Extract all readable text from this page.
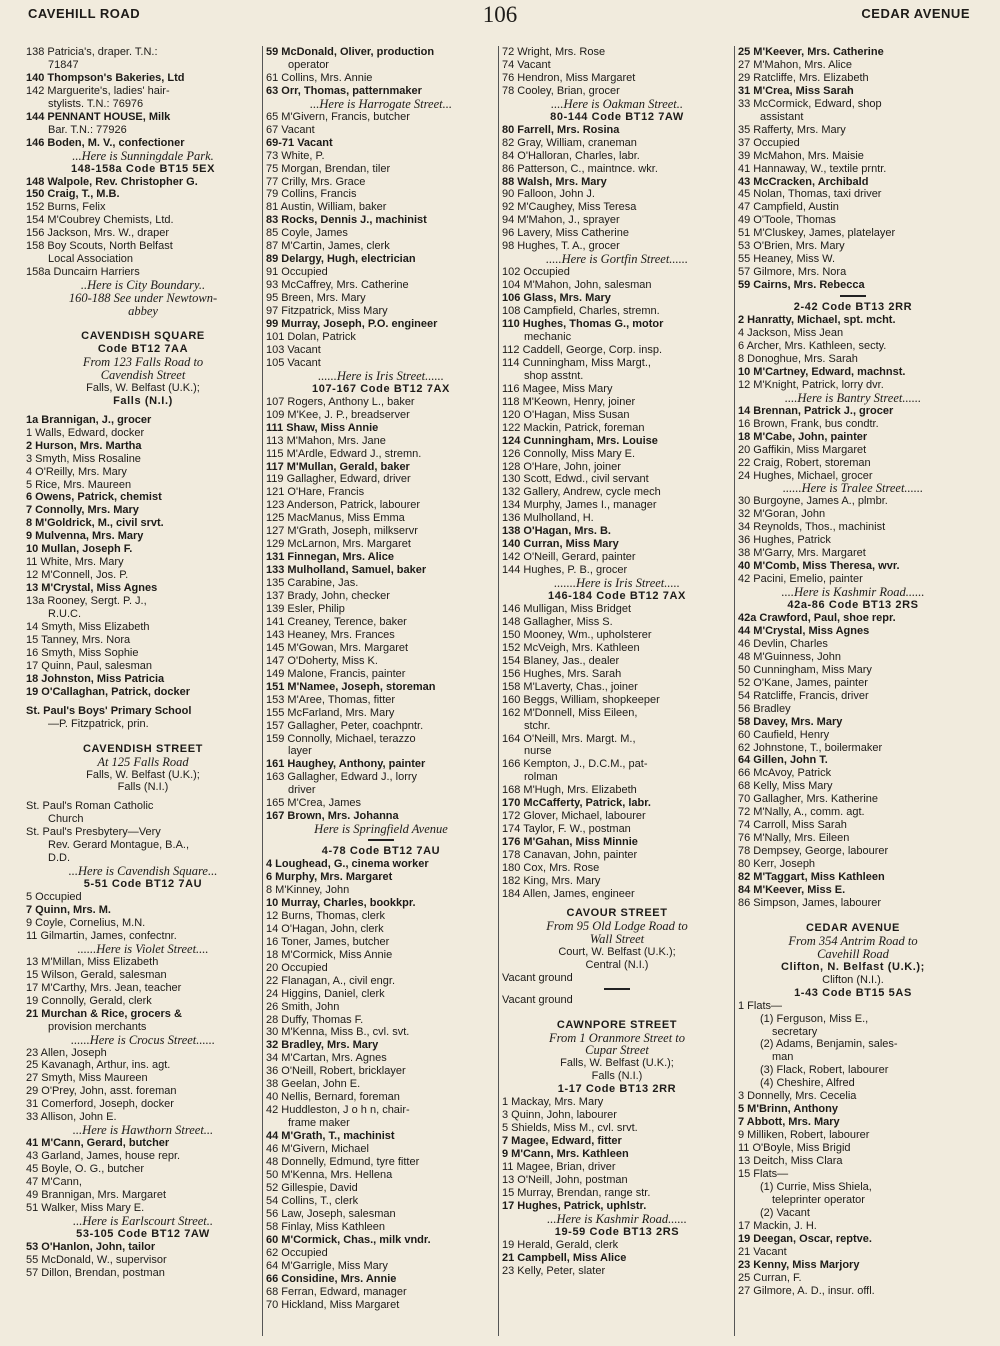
CAVEHILL ROAD	106	CEDAR AVENUE
138 Patricia's, draper. T.N.:
71847
140 Thompson's Bakeries, Ltd
142 Marguerite's, ladies' hair-
stylists. T.N.: 76976
144 PENNANT HOUSE, Milk
Bar. T.N.: 77926
146 Boden, M. V., confectioner
...Here is Sunningdale Park.
148-158a Code BT15 5EX
148 Walpole, Rev. Christopher G.
150 Craig, T., M.B.
152 Burns, Felix
154 M'Coubrey Chemists, Ltd.
156 Jackson, Mrs. W., draper
158 Boy Scouts, North Belfast
Local Association
158a Duncairn Harriers
..Here is City Boundary..
160-188 See under Newtown-
abbey
CAVENDISH SQUARE
Code BT12 7AA
From 123 Falls Road to
Cavendish Street
Falls, W. Belfast (U.K.);
Falls (N.I.)
1a Brannigan, J., grocer
1 Walls, Edward, docker
2 Hurson, Mrs. Martha
3 Smyth, Miss Rosaline
4 O'Reilly, Mrs. Mary
5 Rice, Mrs. Maureen
6 Owens, Patrick, chemist
7 Connolly, Mrs. Mary
8 M'Goldrick, M., civil srvt.
9 Mulvenna, Mrs. Mary
10 Mullan, Joseph F.
11 White, Mrs. Mary
12 M'Connell, Jos. P.
13 M'Crystal, Miss Agnes
13a Rooney, Sergt. P. J.,
R.U.C.
14 Smyth, Miss Elizabeth
15 Tanney, Mrs. Nora
16 Smyth, Miss Sophie
17 Quinn, Paul, salesman
18 Johnston, Miss Patricia
19 O'Callaghan, Patrick, docker
St. Paul's Boys' Primary School
—P. Fitzpatrick, prin.
CAVENDISH STREET
At 125 Falls Road
Falls, W. Belfast (U.K.);
Falls (N.I.)
St. Paul's Roman Catholic
Church
St. Paul's Presbytery—Very
Rev. Gerard Montague, B.A.,
D.D.
...Here is Cavendish Square...
5-51 Code BT12 7AU
5 Occupied
7 Quinn, Mrs. M.
9 Coyle, Cornelius, M.N.
11 Gilmartin, James, confectnr.
......Here is Violet Street....
13 M'Millan, Miss Elizabeth
15 Wilson, Gerald, salesman
17 M'Carthy, Mrs. Jean, teacher
19 Connolly, Gerald, clerk
21 Murchan & Rice, grocers &
provision merchants
......Here is Crocus Street......
23 Allen, Joseph
25 Kavanagh, Arthur, ins. agt.
27 Smyth, Miss Maureen
29 O'Prey, John, asst. foreman
31 Comerford, Joseph, docker
33 Allison, John E.
...Here is Hawthorn Street...
41 M'Cann, Gerard, butcher
43 Garland, James, house repr.
45 Boyle, O. G., butcher
47 M'Cann,
49 Brannigan, Mrs. Margaret
51 Walker, Miss Mary E.
...Here is Earlscourt Street..
53-105 Code BT12 7AW
53 O'Hanlon, John, tailor
55 McDonald, W., supervisor
57 Dillon, Brendan, postman
59 McDonald, Oliver, production
operator
61 Collins, Mrs. Annie
63 Orr, Thomas, patternmaker
...Here is Harrogate Street...
65 M'Givern, Francis, butcher
67 Vacant
69-71 Vacant
73 White, P.
75 Morgan, Brendan, tiler
77 Crilly, Mrs. Grace
79 Collins, Francis
81 Austin, William, baker
83 Rocks, Dennis J., machinist
85 Coyle, James
87 M'Cartin, James, clerk
89 Delargy, Hugh, electrician
91 Occupied
93 McCaffrey, Mrs. Catherine
95 Breen, Mrs. Mary
97 Fitzpatrick, Miss Mary
99 Murray, Joseph, P.O. engineer
101 Dolan, Patrick
103 Vacant
105 Vacant
......Here is Iris Street......
107-167 Code BT12 7AX
107 Rogers, Anthony L., baker
109 M'Kee, J. P., breadserver
111 Shaw, Miss Annie
113 M'Mahon, Mrs. Jane
115 M'Ardle, Edward J., stremn.
117 M'Mullan, Gerald, baker
119 Gallagher, Edward, driver
121 O'Hare, Francis
123 Anderson, Patrick, labourer
125 MacManus, Miss Emma
127 M'Grath, Joseph, milkservr
129 McLarnon, Mrs. Margaret
131 Finnegan, Mrs. Alice
133 Mulholland, Samuel, baker
135 Carabine, Jas.
137 Brady, John, checker
139 Esler, Philip
141 Creaney, Terence, baker
143 Heaney, Mrs. Frances
145 M'Gowan, Mrs. Margaret
147 O'Doherty, Miss K.
149 Malone, Francis, painter
151 M'Namee, Joseph, storeman
153 M'Aree, Thomas, fitter
155 McFarland, Mrs. Mary
157 Gallagher, Peter, coachpntr.
159 Connolly, Michael, terazzo
layer
161 Haughey, Anthony, painter
163 Gallagher, Edward J., lorry
driver
165 M'Crea, James
167 Brown, Mrs. Johanna
Here is Springfield Avenue
4-78 Code BT12 7AU
4 Loughead, G., cinema worker
6 Murphy, Mrs. Margaret
8 M'Kinney, John
10 Murray, Charles, bookkpr.
12 Burns, Thomas, clerk
14 O'Hagan, John, clerk
16 Toner, James, butcher
18 M'Cormick, Miss Annie
20 Occupied
22 Flanagan, A., civil engr.
24 Higgins, Daniel, clerk
26 Smith, John
28 Duffy, Thomas F.
30 M'Kenna, Miss B., cvl. svt.
32 Bradley, Mrs. Mary
34 M'Cartan, Mrs. Agnes
36 O'Neill, Robert, bricklayer
38 Geelan, John E.
40 Nellis, Bernard, foreman
42 Huddleston, J o h n, chair-
frame maker
44 M'Grath, T., machinist
46 M'Givern, Michael
48 Donnelly, Edmund, tyre fitter
50 M'Kenna, Mrs. Hellena
52 Gillespie, David
54 Collins, T., clerk
56 Law, Joseph, salesman
58 Finlay, Miss Kathleen
60 M'Cormick, Chas., milk vndr.
62 Occupied
64 M'Garrigle, Miss Mary
66 Considine, Mrs. Annie
68 Ferran, Edward, manager
70 Hickland, Miss Margaret
72 Wright, Mrs. Rose
74 Vacant
76 Hendron, Miss Margaret
78 Cooley, Brian, grocer
....Here is Oakman Street..
80-144 Code BT12 7AW
80 Farrell, Mrs. Rosina
82 Gray, William, craneman
84 O'Halloran, Charles, labr.
86 Patterson, C., maintnce. wkr.
88 Walsh, Mrs. Mary
90 Falloon, John J.
92 M'Caughey, Miss Teresa
94 M'Mahon, J., sprayer
96 Lavery, Miss Catherine
98 Hughes, T. A., grocer
.....Here is Gortfin Street......
102 Occupied
104 M'Mahon, John, salesman
106 Glass, Mrs. Mary
108 Campfield, Charles, stremn.
110 Hughes, Thomas G., motor
mechanic
112 Caddell, George, Corp. insp.
114 Cunningham, Miss Margt.,
shop asstnt.
116 Magee, Miss Mary
118 M'Keown, Henry, joiner
120 O'Hagan, Miss Susan
122 Mackin, Patrick, foreman
124 Cunningham, Mrs. Louise
126 Connolly, Miss Mary E.
128 O'Hare, John, joiner
130 Scott, Edwd., civil servant
132 Gallery, Andrew, cycle mech
134 Murphy, James I., manager
136 Mulholland, H.
138 O'Hagan, Mrs. B.
140 Curran, Miss Mary
142 O'Neill, Gerard, painter
144 Hughes, P. B., grocer
.......Here is Iris Street.....
146-184 Code BT12 7AX
146 Mulligan, Miss Bridget
148 Gallagher, Miss S.
150 Mooney, Wm., upholsterer
152 McVeigh, Mrs. Kathleen
154 Blaney, Jas., dealer
156 Hughes, Mrs. Sarah
158 M'Laverty, Chas., joiner
160 Beggs, William, shopkeeper
162 M'Donnell, Miss Eileen,
stchr.
164 O'Neill, Mrs. Margt. M.,
nurse
166 Kempton, J., D.C.M., pat-
rolman
168 M'Hugh, Mrs. Elizabeth
170 McCafferty, Patrick, labr.
172 Glover, Michael, labourer
174 Taylor, F. W., postman
176 M'Gahan, Miss Minnie
178 Canavan, John, painter
180 Cox, Mrs. Rose
182 King, Mrs. Mary
184 Allen, James, engineer
CAVOUR STREET
From 95 Old Lodge Road to
Wall Street
Court, W. Belfast (U.K.);
Central (N.I.)
Vacant ground
Vacant ground
CAWNPORE STREET
From 1 Oranmore Street to
Cupar Street
Falls, W. Belfast (U.K.);
Falls (N.I.)
1-17 Code BT13 2RR
1 Mackay, Mrs. Mary
3 Quinn, John, labourer
5 Shields, Miss M., cvl. srvt.
7 Magee, Edward, fitter
9 M'Cann, Mrs. Kathleen
11 Magee, Brian, driver
13 O'Neill, John, postman
15 Murray, Brendan, range str.
17 Hughes, Patrick, uphlstr.
...Here is Kashmir Road......
19-59 Code BT13 2RS
19 Herald, Gerald, clerk
21 Campbell, Miss Alice
23 Kelly, Peter, slater
25 M'Keever, Mrs. Catherine
27 M'Mahon, Mrs. Alice
29 Ratcliffe, Mrs. Elizabeth
31 M'Crea, Miss Sarah
33 McCormick, Edward, shop
assistant
35 Rafferty, Mrs. Mary
37 Occupied
39 McMahon, Mrs. Maisie
41 Hannaway, W., textile prntr.
43 McCracken, Archibald
45 Nolan, Thomas, taxi driver
47 Campfield, Austin
49 O'Toole, Thomas
51 M'Cluskey, James, platelayer
53 O'Brien, Mrs. Mary
55 Heaney, Miss W.
57 Gilmore, Mrs. Nora
59 Cairns, Mrs. Rebecca
2-42 Code BT13 2RR
2 Hanratty, Michael, spt. mcht.
4 Jackson, Miss Jean
6 Archer, Mrs. Kathleen, secty.
8 Donoghue, Mrs. Sarah
10 M'Cartney, Edward, machnst.
12 M'Knight, Patrick, lorry dvr.
....Here is Bantry Street......
14 Brennan, Patrick J., grocer
16 Brown, Frank, bus condtr.
18 M'Cabe, John, painter
20 Gaffikin, Miss Margaret
22 Craig, Robert, storeman
24 Hughes, Michael, grocer
......Here is Tralee Street......
30 Burgoyne, James A., plmbr.
32 M'Goran, John
34 Reynolds, Thos., machinist
36 Hughes, Patrick
38 M'Garry, Mrs. Margaret
40 M'Comb, Miss Theresa, wvr.
42 Pacini, Emelio, painter
....Here is Kashmir Road......
42a-86 Code BT13 2RS
42a Crawford, Paul, shoe repr.
44 M'Crystal, Miss Agnes
46 Devlin, Charles
48 M'Guinness, John
50 Cunningham, Miss Mary
52 O'Kane, James, painter
54 Ratcliffe, Francis, driver
56 Bradley
58 Davey, Mrs. Mary
60 Caufield, Henry
62 Johnstone, T., boilermaker
64 Gillen, John T.
66 McAvoy, Patrick
68 Kelly, Miss Mary
70 Gallagher, Mrs. Katherine
72 M'Nally, A., comm. agt.
74 Carroll, Miss Sarah
76 M'Nally, Mrs. Eileen
78 Dempsey, George, labourer
80 Kerr, Joseph
82 M'Taggart, Miss Kathleen
84 M'Keever, Miss E.
86 Simpson, James, labourer
CEDAR AVENUE
From 354 Antrim Road to
Cavehill Road
Clifton, N. Belfast (U.K.);
Clifton (N.I.).
1-43 Code BT15 5AS
1 Flats—
(1) Ferguson, Miss E.,
secretary
(2) Adams, Benjamin, sales-
man
(3) Flack, Robert, labourer
(4) Cheshire, Alfred
3 Donnelly, Mrs. Cecelia
5 M'Brinn, Anthony
7 Abbott, Mrs. Mary
9 Milliken, Robert, labourer
11 O'Boyle, Miss Brigid
13 Deitch, Miss Clara
15 Flats—
(1) Currie, Miss Shiela,
teleprinter operator
(2) Vacant
17 Mackin, J. H.
19 Deegan, Oscar, reptve.
21 Vacant
23 Kenny, Miss Marjory
25 Curran, F.
27 Gilmore, A. D., insur. offl.
